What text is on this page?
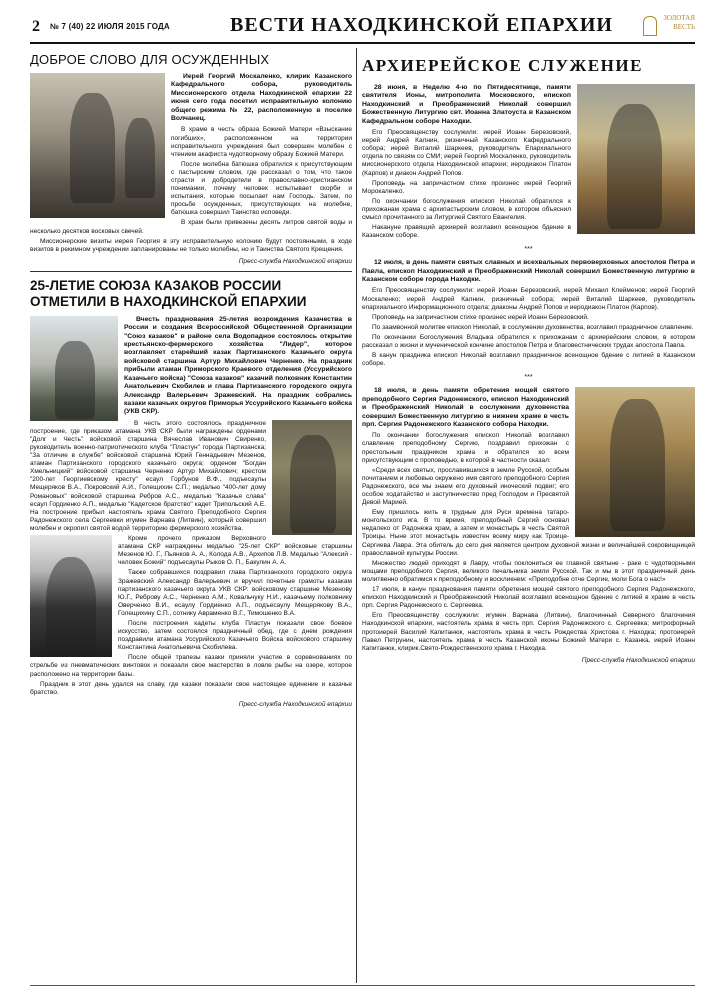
2 № 7 (40) 22 ИЮЛЯ 2015 ГОДА	ВЕСТИ НАХОДКИНСКОЙ ЕПАРХИИ	ЗОЛОТАЯ ВЕСТЬ
ДОБРОЕ СЛОВО ДЛЯ ОСУЖДЕННЫХ

Иерей Георгий Москаленко, клирик Казанского Кафедрального собора, руководитель Миссионерского отдела Находкинской епархии 22 июня сего года посетил исправительную колонию общего режима № 22, расположенную в поселке Волчанец.

В храме в честь образа Божией Матери «Взыскание погибших», расположенном на территории исправительного учреждения был совершен молебен с чтением акафиста чудотворному образу Божией Матери.

После молебна батюшка обратился к присутствующим с пастырским словом, где рассказал о том, что такое страсти и добродетели в православно-христианском понимании, почему человек испытывает скорби и испытания, которые посылает нам Господь. Затем, по просьбе осужденных, присутствующих на молебне, батюшка совершил Таинство исповеди.

В храм были привезены десять литров святой воды и несколько десятков восковых свечей.

Миссионерские визиты иерея Георгия в эту исправительную колонию будут постоянными, в ходе визитов в рекимном учреждении запланированы не только молебны, но и Таинства Святого Крещения.

Пресс-служба Находкинской епархии
25-ЛЕТИЕ СОЮЗА КАЗАКОВ РОССИИ ОТМЕТИЛИ В НАХОДКИНСКОЙ ЕПАРХИИ

Вчесть празднования 25-летия возрождения Казачества в России и создания Всероссийской Общественной Организации "Союз казаков" в районе села Водопадное состоялось открытие крестьянско-фермерского хозяйства "Лидер", которое возглавляет старейший казак Партизанского Казачьего округа войсковой старшина Артур Михайлович Черненко. На праздник прибыли атаман Приморского Краевого отделения (Уссурийского Казачьего войска) "Союза казаков" казачий полковник Константин Анатольевич Скобилев и глава Партизанского городского округа Александр Валерьевич Зражевский. На праздник собрались казаки казачьих округов Приморья Уссурийского Казачьего войска (УКВ СКР).

В честь этого состоялось праздничное построение, где приказом атамана УКВ СКР были награждены орденами "Долг и Честь" войсковой старшина Вячеслав Иванович Свиренко, руководитель военно-патриотического клуба "Пластун" города Партизанска; "За отличие в службе" войсковой старшина Юрий Геннадьевич Мезенов, атаман Партизанского городского казачьего округа; орденом "Богдан Хмельницкий" войсковой старшина Черненко Артур Михайлович; крестом "200-лет Георгиевскому кресту" есаул Горбунов В.Ф., подъесаулы Мещеряков В.А., Покровский А.И., Голещихин С.П.; медалью "400-лет дому Романовых" войсковой старшина Ребров А.С., медалью "Казачья слава" есаул Гордиенко А.П., медалью "Кадетское братство" кадет Трипольский А.Е. На построение прибыл настоятель храма Святого Преподобного Сергия Радонежского села Сергеевки игумен Варнава (Литвин), который совершил молебен и окропил святой водой территорию фермерского хозяйства.

Кроме прочего приказом Верховного атамана СКР награждены медалью "25-лет СКР" войсковые старшины Мезенов Ю. Г., Пьянков А. А., Колода А.В., Архипов Л.В. Медалью "Алексий - человек Божий" подъесаулы Рыков О. П., Бакулин А. А.

Также собравшихся поздравил глава Партизанского городского округа Зражевский Александр Валерьевич и вручил почетные грамоты казакам партизанского казачьего округа УКВ СКР: войсковому старшине Мезенову Ю.Г., Реброву А.С., Черненко А.М., Ковальчуку Н.И., казачьему полковнику Оверченко В.И., есаулу Гордиенко А.П., подъесаулу Мещерякову В.А., Голещихину С.П., сотнику Авраменко В.Г., Тимошенко В.А.

После построения кадеты клуба Пластун показали свое боевое искусство, затем состоялся праздничный обед, где с днем рождения поздравили атамана Уссурийского Казачьего Войска войскового старшину Константина Анатольевича Скобилева.

После общей трапезы казаки приняли участие в соревнованиях по стрельбе из пневматических винтовок и показали свое мастерство в ловле рыбы на озере, которое расположено на территории базы.

Праздник в этот день удался на славу, где казаки показали свое настоящее единение и казачье братство.

Пресс-служба Находкинской епархии
АРХИЕРЕЙСКОЕ СЛУЖЕНИЕ

28 июня, в Неделю 4-ю по Пятидесятнице, памяти святителя Ионы, митрополита Московского, епископ Находкинский и Преображенский Николай совершил Божественную Литургию свт. Иоанна Златоуста в Казанском Кафедральном соборе Находки.

Его Преосвященству сослужили: иерей Иоанн Березовский, иерей Андрей Калнин, ризничный Казанского Кафедрального собора; иерей Виталий Шаркеев, руководитель Епархиального отдела по связям со СМИ; иерей Георгий Москаленко, руководитель миссионерского отдела Находкинской епархии; иеродиакон Платон (Карпов) и диакон Андрей Попов.

Проповедь на запричастном стихе произнес иерей Георгий Морокаленко.

По окончании богослужения епископ Николай обратился к прихожанам храма с архипастырским словом, в котором объяснил смысл прочитанного за Литургией Святого Евангелия.

Накануне правящий архиерей возглавил всенощное бдение в Казанском соборе.

***

12 июля, в день памяти святых славных и всехвальных первоверховных апостолов Петра и Павла, епископ Находкинский и Преображенский Николай совершил Божественную литургию в Казанском соборе города Находки.

Его Преосвященству сослужили: иерей Иоанн Березовский, иерей Михаил Клейменов; иерей Георгий Москаленко; иерей Андрей Калнин, ризничный собора; иерей Виталий Шаркеев, руководитель епархиального Информационного отдела; диаконы Андрей Попов и иеродиакон Платон (Карпов).

Проповедь на запричастном стихе произнес иерей Иоанн Березовский.

По заамвонной молитве епископ Николай, в сослужении духовенства, возглавил праздничное славление.

По окончании Богослужения Владыка обратился к прихожанам с архиерейским словом, в котором рассказал о жизни и мученической кончине апостолов Петра и благовестнических трудах апостола Павла.

В канун праздника епископ Николай возглавил праздничное всенощное бдение с литией в Казанском соборе.

***

18 июля, в день памяти обретения мощей святого преподобного Сергия Радонежского, епископ Находкинский и Преображенский Николай в сослужении духовенства совершил Божественную литургию в нижнем храме в честь прп. Сергия Радонежского Казанского собора Находки.

По окончании богослужения епископ Николай возглавил славление преподобному Сергию, поздравил прихожан с престольным праздником храма и обратился ко всем присутствующим с проповедью, в которой в частности сказал:

«Среди всех святых, прославившихся в земле Русской, особым почитанием и любовью окружено имя святого преподобного Сергия Радонежского, все мы знаем его духовный иноческий подвиг; его особое ходатайство и заступничество пред Господом и Пресвятой Девой Марией.

Ему пришлось жить в трудные для Руси времена татаро-монгольского ига. В то время, преподобный Сергий основал недалеко от Радонежа храм, а затем и монастырь в честь Святой Троицы. Ныне этот монастырь известен всему миру как Троице-Сергиева Лавра. Эта обитель до сего дня является центром духовной жизни и величайшей сокровищницей православной культуры России.

Множество людей приходят в Лавру, чтобы поклониться ее главной святыне - раке с чудотворными мощами преподобного Сергия, великого печальника земли Русской. Так и мы в этот праздничный день молитвенно обратимся к преподобному и воскликнем: «Преподобне отче Сергие, моли Бога о нас!»

17 июля, в канун празднования памяти обретения мощей святого преподобного Сергия Радонежского, епископ Находкинский и Преображенский Николай возглавил всенощное бдение с литией в храме в честь прп. Сергия Радонежского с. Сергеевка.

Его Преосвященству сослужили: игумен Варнава (Литвин), благочинный Северного благочиния Находкинской епархии, настоятель храма в честь прп. Сергия Радонежского с. Сергеевка; митрофорный протоиерей Василий Капитанюк, настоятель храма в честь Рождества Христова г. Находка; протоиерей Павел Петрунин, настоятель храма в честь Казанской иконы Божией Матери с. Казанка, иерей Иоанн Капитанюк, клирик.Свято-Рождественского храма г. Находка.

Пресс-служба Находкинской епархии
